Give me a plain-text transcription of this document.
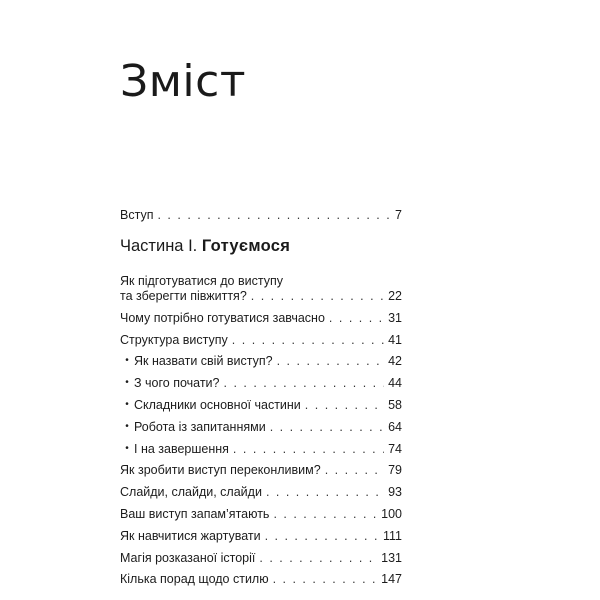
Зміст
Вступ . . .	7
Частина І. Готуємося
Як підготуватися до виступу
та зберегти півжиття? . . .	22
Чому потрібно готуватися завчасно . . .	31
Структура виступу . . .	41
• Як назвати свій виступ? . . .	42
• З чого почати? . . .	44
• Складники основної частини . . .	58
• Робота із запитаннями . . .	64
• І на завершення . . .	74
Як зробити виступ переконливим? . . .	79
Слайди, слайди, слайди . . .	93
Ваш виступ запам’ятають . . .	100
Як навчитися жартувати . . .	111
Магія розказаної історії . . .	131
Кілька порад щодо стилю . . .	147
